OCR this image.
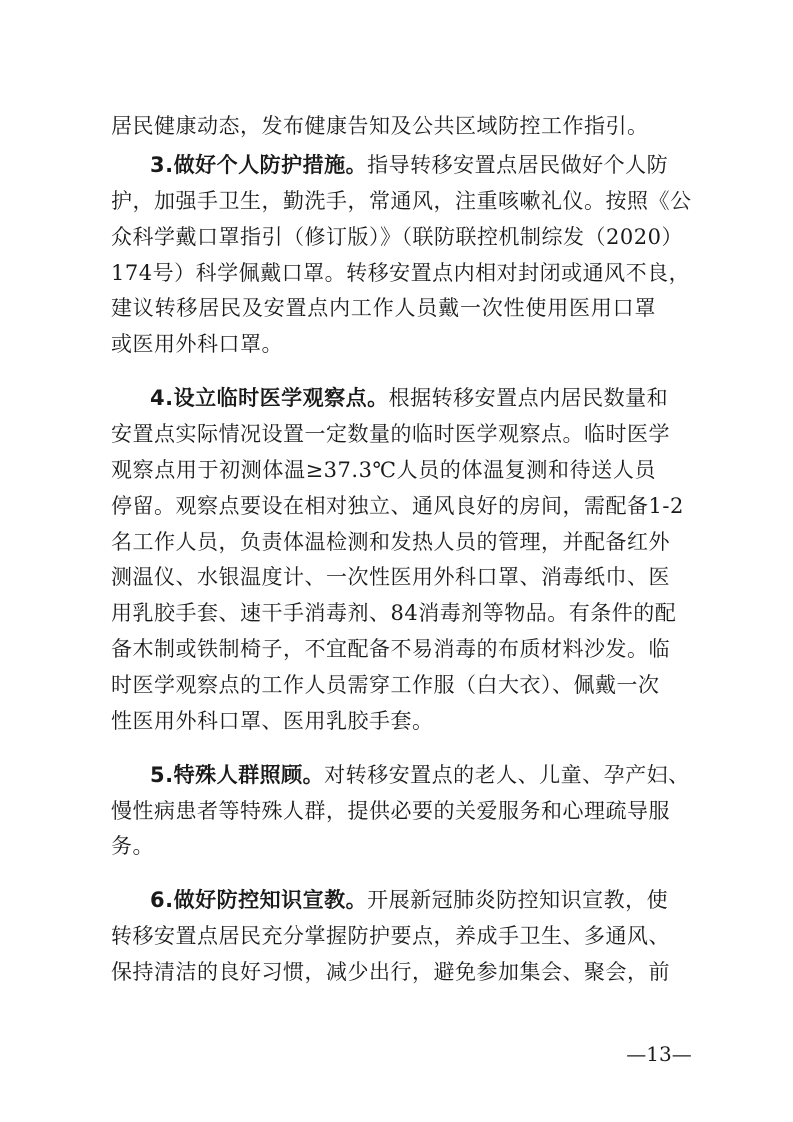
居民健康动态，发布健康告知及公共区域防控工作指引。
3.做好个人防护措施。指导转移安置点居民做好个人防
护，加强手卫生，勤洗手，常通风，注重咳嗽礼仪。按照《公
众科学戴口罩指引（修订版）》（联防联控机制综发（2020）
174号）科学佩戴口罩。转移安置点内相对封闭或通风不良，
建议转移居民及安置点内工作人员戴一次性使用医用口罩
或医用外科口罩。
4.设立临时医学观察点。根据转移安置点内居民数量和
安置点实际情况设置一定数量的临时医学观察点。临时医学
观察点用于初测体温≥37.3℃人员的体温复测和待送人员
停留。观察点要设在相对独立、通风良好的房间，需配备1-2
名工作人员，负责体温检测和发热人员的管理，并配备红外
测温仪、水银温度计、一次性医用外科口罩、消毒纸巾、医
用乳胶手套、速干手消毒剂、84消毒剂等物品。有条件的配
备木制或铁制椅子，不宜配备不易消毒的布质材料沙发。临
时医学观察点的工作人员需穿工作服（白大衣）、佩戴一次
性医用外科口罩、医用乳胶手套。
5.特殊人群照顾。对转移安置点的老人、儿童、孕产妇、
慢性病患者等特殊人群，提供必要的关爱服务和心理疏导服
务。
6.做好防控知识宣教。开展新冠肺炎防控知识宣教，使
转移安置点居民充分掌握防护要点，养成手卫生、多通风、
保持清洁的良好习惯，减少出行，避免参加集会、聚会，前
—13—
